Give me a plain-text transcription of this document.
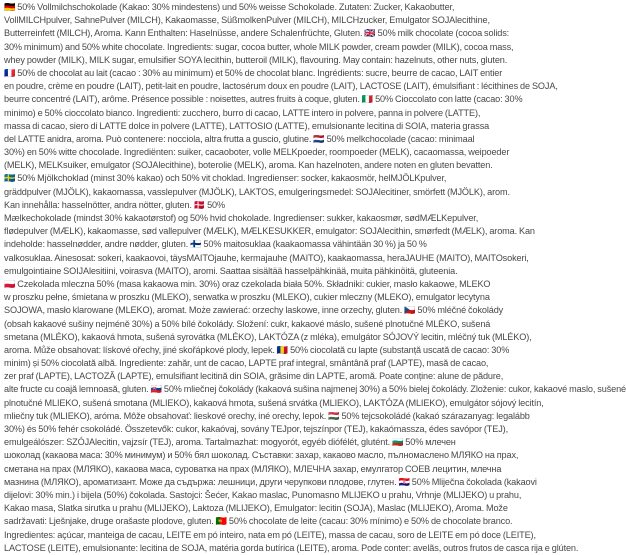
🇩🇪 50% Vollmilchschokolade (Kakao: 30% mindestens) und 50% weisse Schokolade. Zutaten: Zucker, Kakaobutter,
VollMILCHpulver, SahnePulver (MILCH), Kakaomasse, SüßmolkenPulver (MILCH), MILCHzucker, Emulgator SOJAlecithine,
Butterreinfett (MILCH), Aroma. Kann Enthalten: Haselnüsse, andere Schalenfrüchte, Gluten. 🇬🇧 50% milk chocolate (cocoa solids:
30% minimum) and 50% white chocolate. Ingredients: sugar, cocoa butter, whole MILK powder, cream powder (MILK), cocoa mass,
whey powder (MILK), MILK sugar, emulsifier SOYA lecithin, butteroil (MILK), flavouring. May contain: hazelnuts, other nuts, gluten.
🇫🇷 50% de chocolat au lait (cacao : 30% au minimum) et 50% de chocolat blanc. Ingrédients: sucre, beurre de cacao, LAIT entier
en poudre, crème en poudre (LAIT), petit-lait en poudre, lactosérum doux en poudre (LAIT), LACTOSE (LAIT), émulsifiant : lécithines de SOJA,
beurre concentré (LAIT), arôme. Présence possible : noisettes, autres fruits à coque, gluten. 🇮🇹 50% Cioccolato con latte (cacao: 30%
minimo) e 50% cioccolato bianco. Ingredienti: zucchero, burro di cacao, LATTE intero in polvere, panna in polvere (LATTE),
massa di cacao, siero di LATTE dolce in polvere (LATTE), LATTOSIO (LATTE), emulsionante lecitina di SOIA, materia grassa
del LATTE anidra, aroma. Può contenere: nocciola, altra frutta a guscio, glutine. 🇳🇱 50% melkchocolade (cacao: minimaal
30%) en 50% witte chocolade. Ingrediënten: suiker, cacaoboter, volle MELKpoeder, roompoeder (MELK), cacaomassa, weipoeder
(MELK), MELKsuiker, emulgator (SOJAlecithine), boterolie (MELK), aroma. Kan hazelnoten, andere noten en gluten bevatten.
🇸🇪 50% Mjölkchoklad (minst 30% kakao) och 50% vit choklad. Ingredienser: socker, kakaosmör, helMJÖLKpulver,
gräddpulver (MJÖLK), kakaomassa, vasslepulver (MJÖLK), LAKTOS, emulgeringsmedel: SOJAlecitiner, smörfett (MJÖLK), arom.
Kan innehålla: hasselnötter, andra nötter, gluten. 🇩🇰 50%
Mælkechokolade (mindst 30% kakaotørstof) og 50% hvid chokolade. Ingredienser: sukker, kakaosmør, sødMÆLKepulver,
flødepulver (MÆLK), kakaomasse, sød vallepulver (MÆLK), MÆLKESUKKER, emulgator: SOJAlecithin, smørfedt (MÆLK), aroma. Kan
indeholde: hasselnødder, andre nødder, gluten. 🇫🇮 50% maitosuklaa (kaakaomassa vähintään 30 %) ja 50 %
valkosuklaa. Ainesosat: sokeri, kaakaovoi, täysMAITOjauhe, kermajauhe (MAITO), kaakaomassa, heraJAUHE (MAITO), MAITOsokeri,
emulgointiaine SOIJAlesitiini, voirasva (MAITO), aromi. Saattaa sisältää hasselpähkinää, muita pähkinöitä, gluteenia.
🇵🇱 Czekolada mleczna 50% (masa kakaowa min. 30%) oraz czekolada biała 50%. Składniki: cukier, masło kakaowe, MLEKO
w proszku pełne, śmietana w proszku (MLEKO), serwatka w proszku (MLEKO), cukier mleczny (MLEKO), emulgator lecytyna
SOJOWA, masło klarowane (MLEKO), aromat. Może zawierać: orzechy laskowe, inne orzechy, gluten. 🇨🇿 50% mléčné čokolády
(obsah kakaové sušiny nejméně 30%) a 50% bílé čokolády. Složení: cukr, kakaové máslo, sušené plnotučné MLÉKO, sušená
smetana (MLÉKO), kakaová hmota, sušená syrovátka (MLÉKO), LAKTÓZA (z mléka), emulgátor SÓJOVÝ lecitin, mléčný tuk (MLÉKO),
aroma. Může obsahovat: lískové ořechy, jiné skořápkové plody, lepek. 🇷🇴 50% ciocolată cu lapte (substanță uscată de cacao: 30%
minim) și 50% ciocolată albă. Ingrediente: zahăr, unt de cacao, LAPTE praf integral, smântână praf (LAPTE), masă de cacao,
zer praf (LAPTE), LACTOZĂ (LAPTE), emulsifiant lecitină din SOIA, grăsime din LAPTE, aromă. Poate conține: alune de pădure,
alte fructe cu coajă lemnoasă, gluten. 🇸🇰 50% mliečnej čokolády (kakaová sušina najmenej 30%) a 50% bielej čokolády. Zloženie: cukor, kakaové maslo, sušené
plnotučné MLIEKO, sušená smotana (MLIEKO), kakaová hmota, sušená srvátka (MLIEKO), LAKTÓZA (MLIEKO), emulgátor sójový lecitín,
mliečny tuk (MLIEKO), aróma. Môže obsahovať: lieskové orechy, iné orechy, lepok. 🇭🇺 50% tejcsokoládé (kakaó szárazanyag: legalább
30%) és 50% fehér csokoládé. Összetevők: cukor, kakaóvaj, sovány TEJpor, tejszínpor (TEJ), kakaómassza, édes savópor (TEJ),
emulgeálószer: SZÓJAlecitin, vajzsír (TEJ), aroma. Tartalmazhat: mogyorót, egyéb diófélét, glutént. 🇧🇬 50% млечен
шоколад (какаова маса: 30% минимум) и 50% бял шоколад. Съставки: захар, какаово масло, пълномаслено МЛЯКО на прах,
сметана на прах (МЛЯКО), какаова маса, суроватка на прах (МЛЯКО), МЛЕЧНА захар, емулгатор СОЕВ лецитин, млечна
мазнина (МЛЯКО), ароматизант. Може да съдържа: лешници, други черупкови плодове, глутен. 🇭🇷 50% Mliječna čokolada (kakaovi
dijelovi: 30% min.) i bijela (50%) čokolada. Sastojci: Šećer, Kakao maslac, Punomasno MLIJEKO u prahu, Vrhnje (MLIJEKO) u prahu,
Kakao masa, Slatka sirutka u prahu (MLIJEKO), Laktoza (MLIJEKO), Emulgator: lecitin (SOJA), Maslac (MLIJEKO), Aroma. Može
sadržavati: Lješnjake, druge orašaste plodove, gluten. 🇵🇹 50% chocolate de leite (cacau: 30% mínimo) e 50% de chocolate branco.
Ingredientes: açúcar, manteiga de cacau, LEITE em pó inteiro, nata em pó (LEITE), massa de cacau, soro de LEITE em pó doce (LEITE),
LACTOSE (LEITE), emulsionante: lecitina de SOJA, matéria gorda butírica (LEITE), aroma. Pode conter: avelãs, outros frutos de casca rija e glúten.
